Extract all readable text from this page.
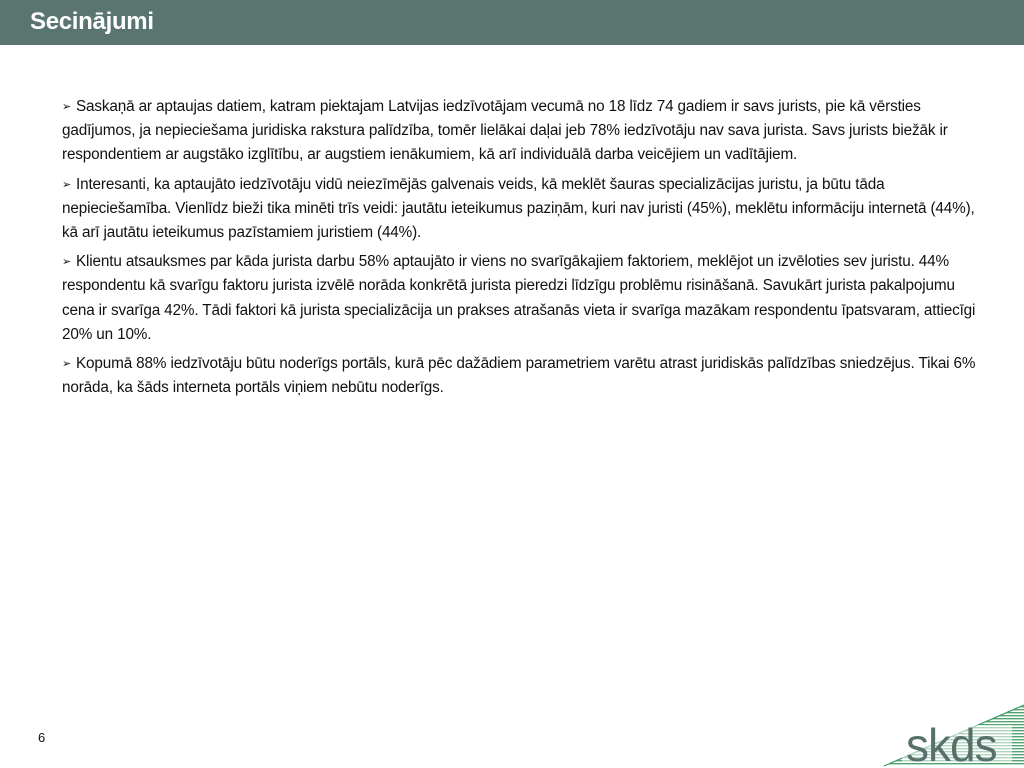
Secinājumi

➢ Saskaņā ar aptaujas datiem, katram piektajam Latvijas iedzīvotājam vecumā no 18 līdz 74 gadiem ir savs jurists, pie kā vērsties gadījumos, ja nepieciešama juridiska rakstura palīdzība, tomēr lielākai daļai jeb 78% iedzīvotāju nav sava jurista. Savs jurists biežāk ir respondentiem ar augstāko izglītību, ar augstiem ienākumiem, kā arī individuālā darba veicējiem un vadītājiem.

➢ Interesanti, ka aptaujāto iedzīvotāju vidū neiezīmējās galvenais veids, kā meklēt šauras specializācijas juristu, ja būtu tāda nepieciešamība. Vienlīdz bieži tika minēti trīs veidi: jautātu ieteikumus paziņām, kuri nav juristi (45%), meklētu informāciju internetā (44%), kā arī jautātu ieteikumus pazīstamiem juristiem (44%).

➢ Klientu atsauksmes par kāda jurista darbu 58% aptaujāto ir viens no svarīgākajiem faktoriem, meklējot un izvēloties sev juristu. 44% respondentu kā svarīgu faktoru jurista izvēlē norāda konkrētā jurista pieredzi līdzīgu problēmu risināšanā. Savukārt jurista pakalpojumu cena ir svarīga 42%. Tādi faktori kā jurista specializācija un prakses atrašanās vieta ir svarīga mazākam respondentu īpatsvaram, attiecīgi 20% un 10%.

➢ Kopumā 88% iedzīvotāju būtu noderīgs portāls, kurā pēc dažādiem parametriem varētu atrast juridiskās palīdzības sniedzējus. Tikai 6% norāda, ka šāds interneta portāls viņiem nebūtu noderīgs.

6	skds
